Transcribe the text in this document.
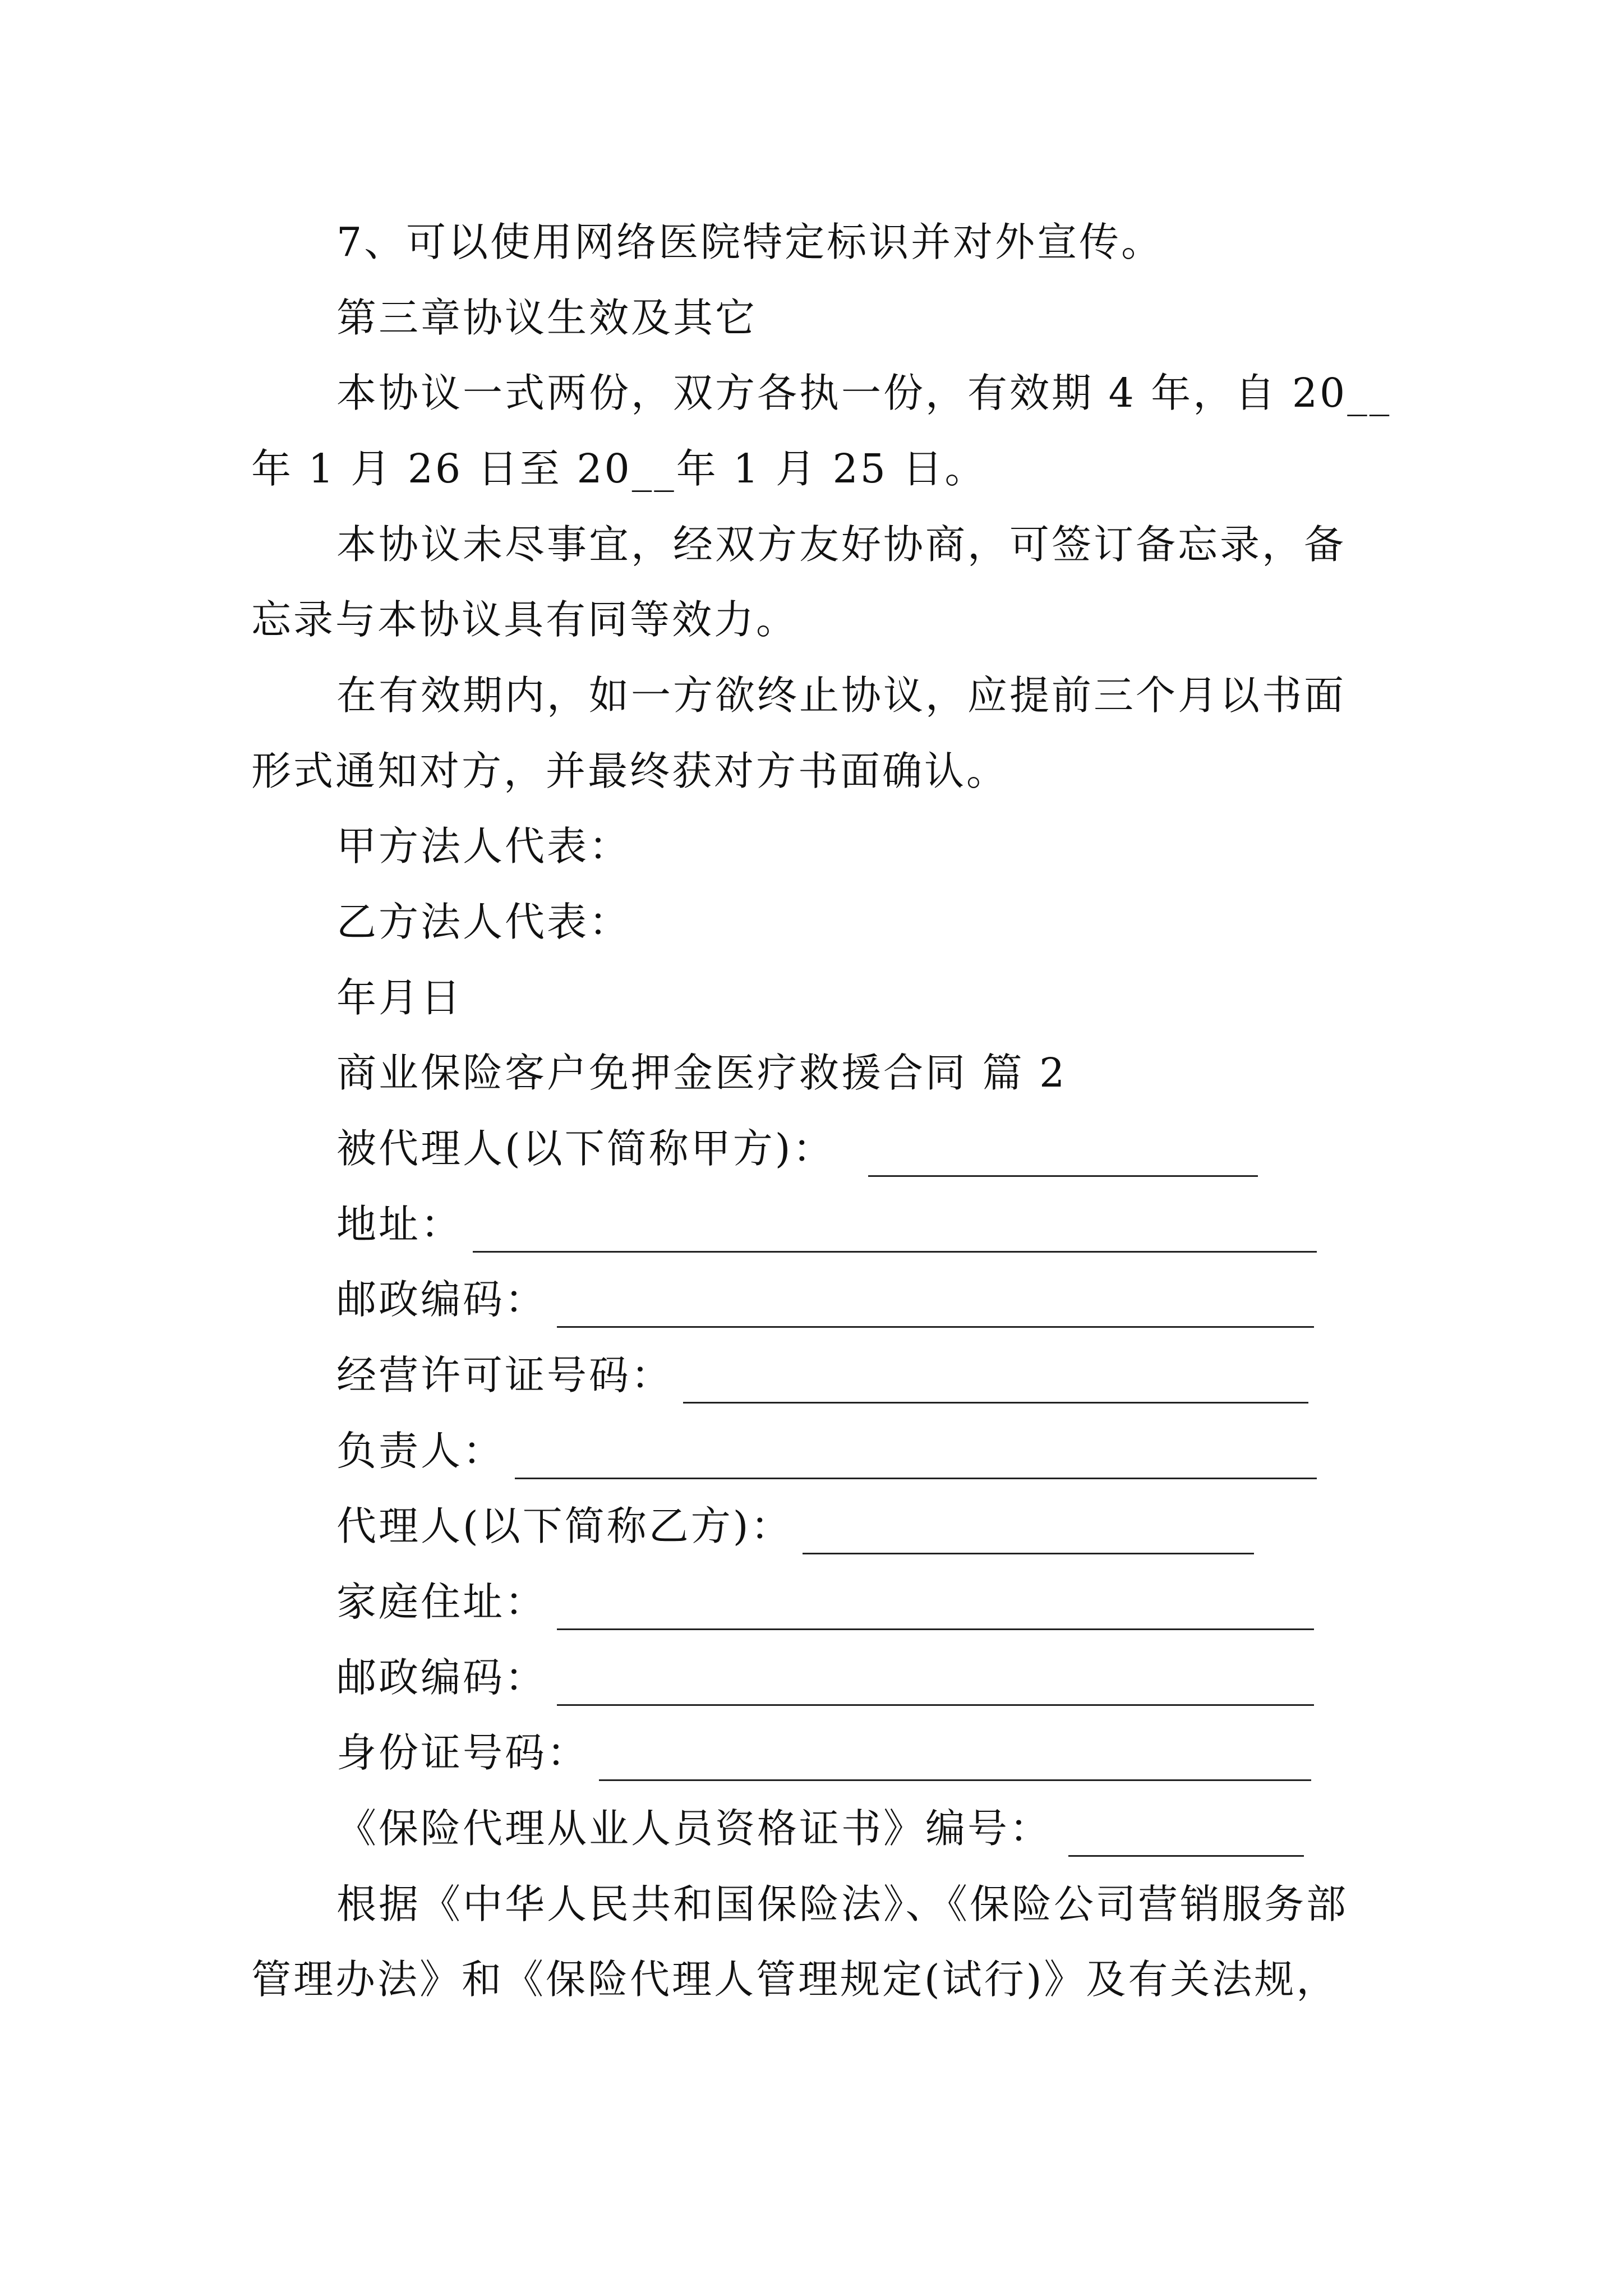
7、可以使用网络医院特定标识并对外宣传。
第三章协议生效及其它
本协议一式两份，双方各执一份，有效期 4 年，自 20__
年 1 月 26 日至 20__年 1 月 25 日。
本协议未尽事宜，经双方友好协商，可签订备忘录，备
忘录与本协议具有同等效力。
在有效期内，如一方欲终止协议，应提前三个月以书面
形式通知对方，并最终获对方书面确认。
甲方法人代表：
乙方法人代表：
年月日
商业保险客户免押金医疗救援合同 篇 2
被代理人(以下简称甲方)：
地址：
邮政编码：
经营许可证号码：
负责人：
代理人(以下简称乙方)：
家庭住址：
邮政编码：
身份证号码：
《保险代理从业人员资格证书》编号：
根据《中华人民共和国保险法》、《保险公司营销服务部
管理办法》和《保险代理人管理规定(试行)》及有关法规，
